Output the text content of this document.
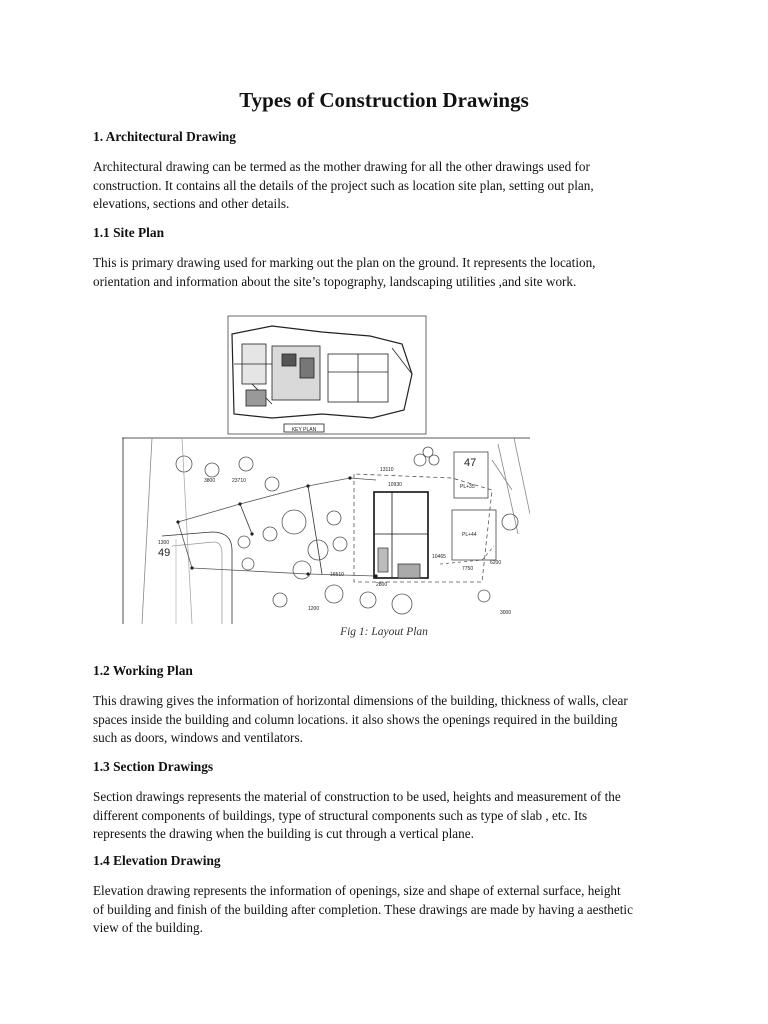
Types of Construction Drawings
1. Architectural Drawing

Architectural drawing can be termed as the mother drawing for all the other drawings used for
construction. It contains all the details of the project such as location site plan, setting out plan,
elevations, sections and other details.

1.1 Site Plan

This is primary drawing used for marking out the plan on the ground. It represents the location,
orientation and information about the site’s topography, landscaping utilities ,and site work.

KEY PLAN
49
47
PL+35
PL+44
13110
10930
10465
16510
1200
23710
1300
3800
3000
6200
7750
2800
Fig 1: Layout Plan
1.2 Working Plan

This drawing gives the information of horizontal dimensions of the building, thickness of walls, clear
spaces inside the building and column locations. it also shows the openings required in the building
such as doors, windows and ventilators.

1.3 Section Drawings

Section drawings represents the material of construction to be used, heights and measurement of the
different components of buildings, type of structural components such as type of slab , etc. Its
represents the drawing when the building is cut through a vertical plane.

1.4 Elevation Drawing

Elevation drawing represents the information of openings, size and shape of external surface, height
of building and finish of the building after completion. These drawings are made by having a aesthetic
view of the building.
